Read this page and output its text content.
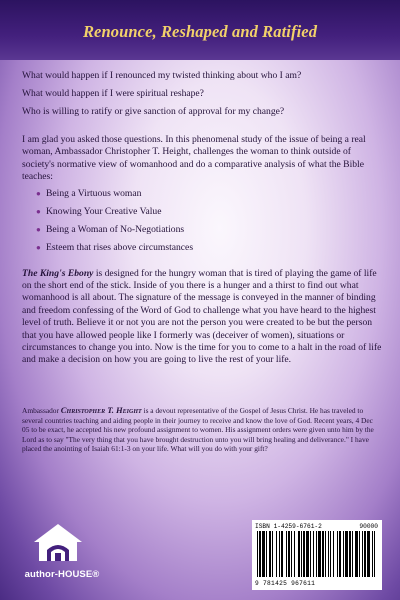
Renounce, Reshaped and Ratified

What would happen if I renounced my twisted thinking about who I am?

What would happen if I were spiritual reshape?

Who is willing to ratify or give sanction of approval for my change?

I am glad you asked those questions. In this phenomenal study of the issue of being a real woman, Ambassador Christopher T. Height, challenges the woman to think outside of society's normative view of womanhood and do a comparative analysis of what the Bible teaches:

● Being a Virtuous woman
● Knowing Your Creative Value
● Being a Woman of No-Negotiations
● Esteem that rises above circumstances

The King's Ebony is designed for the hungry woman that is tired of playing the game of life on the short end of the stick. Inside of you there is a hunger and a thirst to find out what womanhood is all about. The signature of the message is conveyed in the manner of binding and freedom confessing of the Word of God to challenge what you have heard to the highest level of truth. Believe it or not you are not the person you were created to be but the person that you have allowed people like I formerly was (deceiver of women), situations or circumstances to change you into. Now is the time for you to come to a halt in the road of life and make a decision on how you are going to live the rest of your life.

Ambassador Christopher T. Height is a devout representative of the Gospel of Jesus Christ. He has traveled to several countries teaching and aiding people in their journey to receive and know the love of God. Recent years, 4 Dec 05 to be exact, he accepted his new profound assignment to women. His assignment orders were given unto him by the Lord as to say "The very thing that you have brought destruction unto you will bring healing and deliverance." I have placed the anointing of Isaiah 61:1-3 on your life. What will you do with your gift?
author-HOUSE®
ISBN 1-4259-6761-2	90000
9 781425 967611
